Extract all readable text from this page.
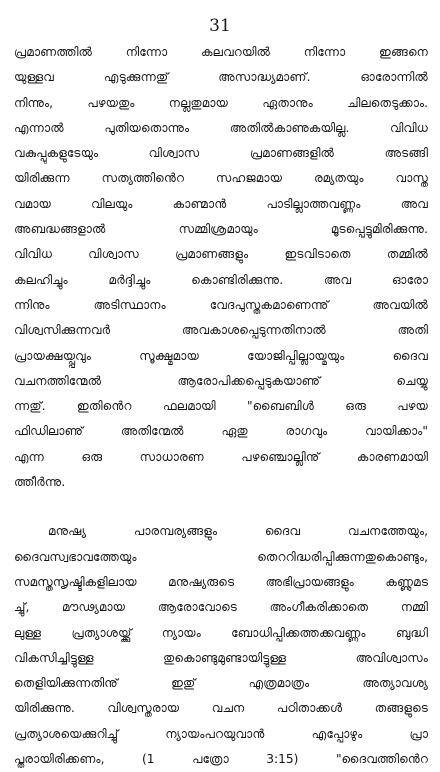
31
പ്രമാണത്തിൽ നിന്നോ കലവറയിൽ നിന്നോ ഇങ്ങനെ
യുള്ളവ എടുക്കുന്നതു് അസാദ്ധ്യമാണ്. ഓരോന്നിൽ
നിന്നും, പഴയതും നല്ലതുമായ ഏതാനും ചിലതെടുക്കാം.
എന്നാൽ പുതിയതൊന്നും അതിൽകാണുകയില്ല. വിവിധ
വകുപ്പുകളുടേയും വിശ്വാസ പ്രമാണങ്ങളിൽ അടങ്ങി
യിരിക്കുന്ന സത്യത്തിൻെറ സഹജമായ രമ്യതയും വാസ്ത
വമായ വിലയും കാണ്മാൻ പാടില്ലാത്തവണ്ണം അവ
അബദ്ധങ്ങളാൽ സമ്മിശ്രമായും മൂടപ്പെട്ടുമിരിക്കുന്നു.
വിവിധ വിശ്വാസ പ്രമാണങ്ങളും ഇടവിടാതെ തമ്മിൽ
കലഹിച്ചും മർദ്ദിച്ചും കൊണ്ടിരിക്കുന്നു. അവ ഓരോ
ന്നിനും അടിസ്ഥാനം വേദപുസ്തകമാണെന്നു് അവയിൽ
വിശ്വസിക്കുന്നവർ അവകാശപ്പെടുന്നതിനാൽ അതി
പ്രായക്ഷയ്പ്പവും സൂക്ഷ്മമായ യോജിപ്പില്ലായ്മയും ദൈവ
വചനത്തിന്മേൽ ആരോപിക്കപ്പെടുകയാണു് ചെയ്യു
ന്നതു്. ഇതിൻെറ ഫലമായി "ബൈബിൾ ഒരു പഴയ
ഫിഡിലാണു് അതിന്മേൽ ഏതു രാഗവും വായിക്കാം"
എന്ന ഒരു സാധാരണ പഴഞ്ചൊല്ലിനു് കാരണമായി
ത്തീർന്നു.
മനുഷ്യ പാരമ്പര്യങ്ങളും ദൈവ വചനത്തേയും,
ദൈവസ്വഭാവത്തേയും തെററിദ്ധരിപ്പിക്കുന്നതുകൊണ്ടും,
സമസ്തസൃഷ്ടികളിലായ മനുഷ്യരുടെ അഭിപ്രായങ്ങളും കണ്ണുമട
ച്ചു്, മൗഢ്യമായ ആരോവോടെ അംഗീകരിക്കാതെ നമ്മി
ലുള്ള പ്രത്യാശയ്ക്കു് ന്യായം ബോധിപ്പിക്കത്തക്കവണ്ണം ബുദ്ധി
വികസിച്ചിട്ടുള്ള തുകൊണ്ടുമുണ്ടായിട്ടുള്ള അവിശ്വാസം
തെളിയിക്കുന്നതിനു് ഇതു് എത്രമാത്രം അത്യാവശ്യ
യിരിക്കുന്നു. വിശ്വസ്തരായ വചന പഠിതാക്കൾ തങ്ങളുടെ
പ്രത്യാശയെക്കുറിച്ചു് ന്യായംപറയുവാൻ എപ്പോഴും പ്രാ
പ്തരായിരിക്കണം, (1 പത്രോ 3:15) "ദൈവത്തിൻെറ
